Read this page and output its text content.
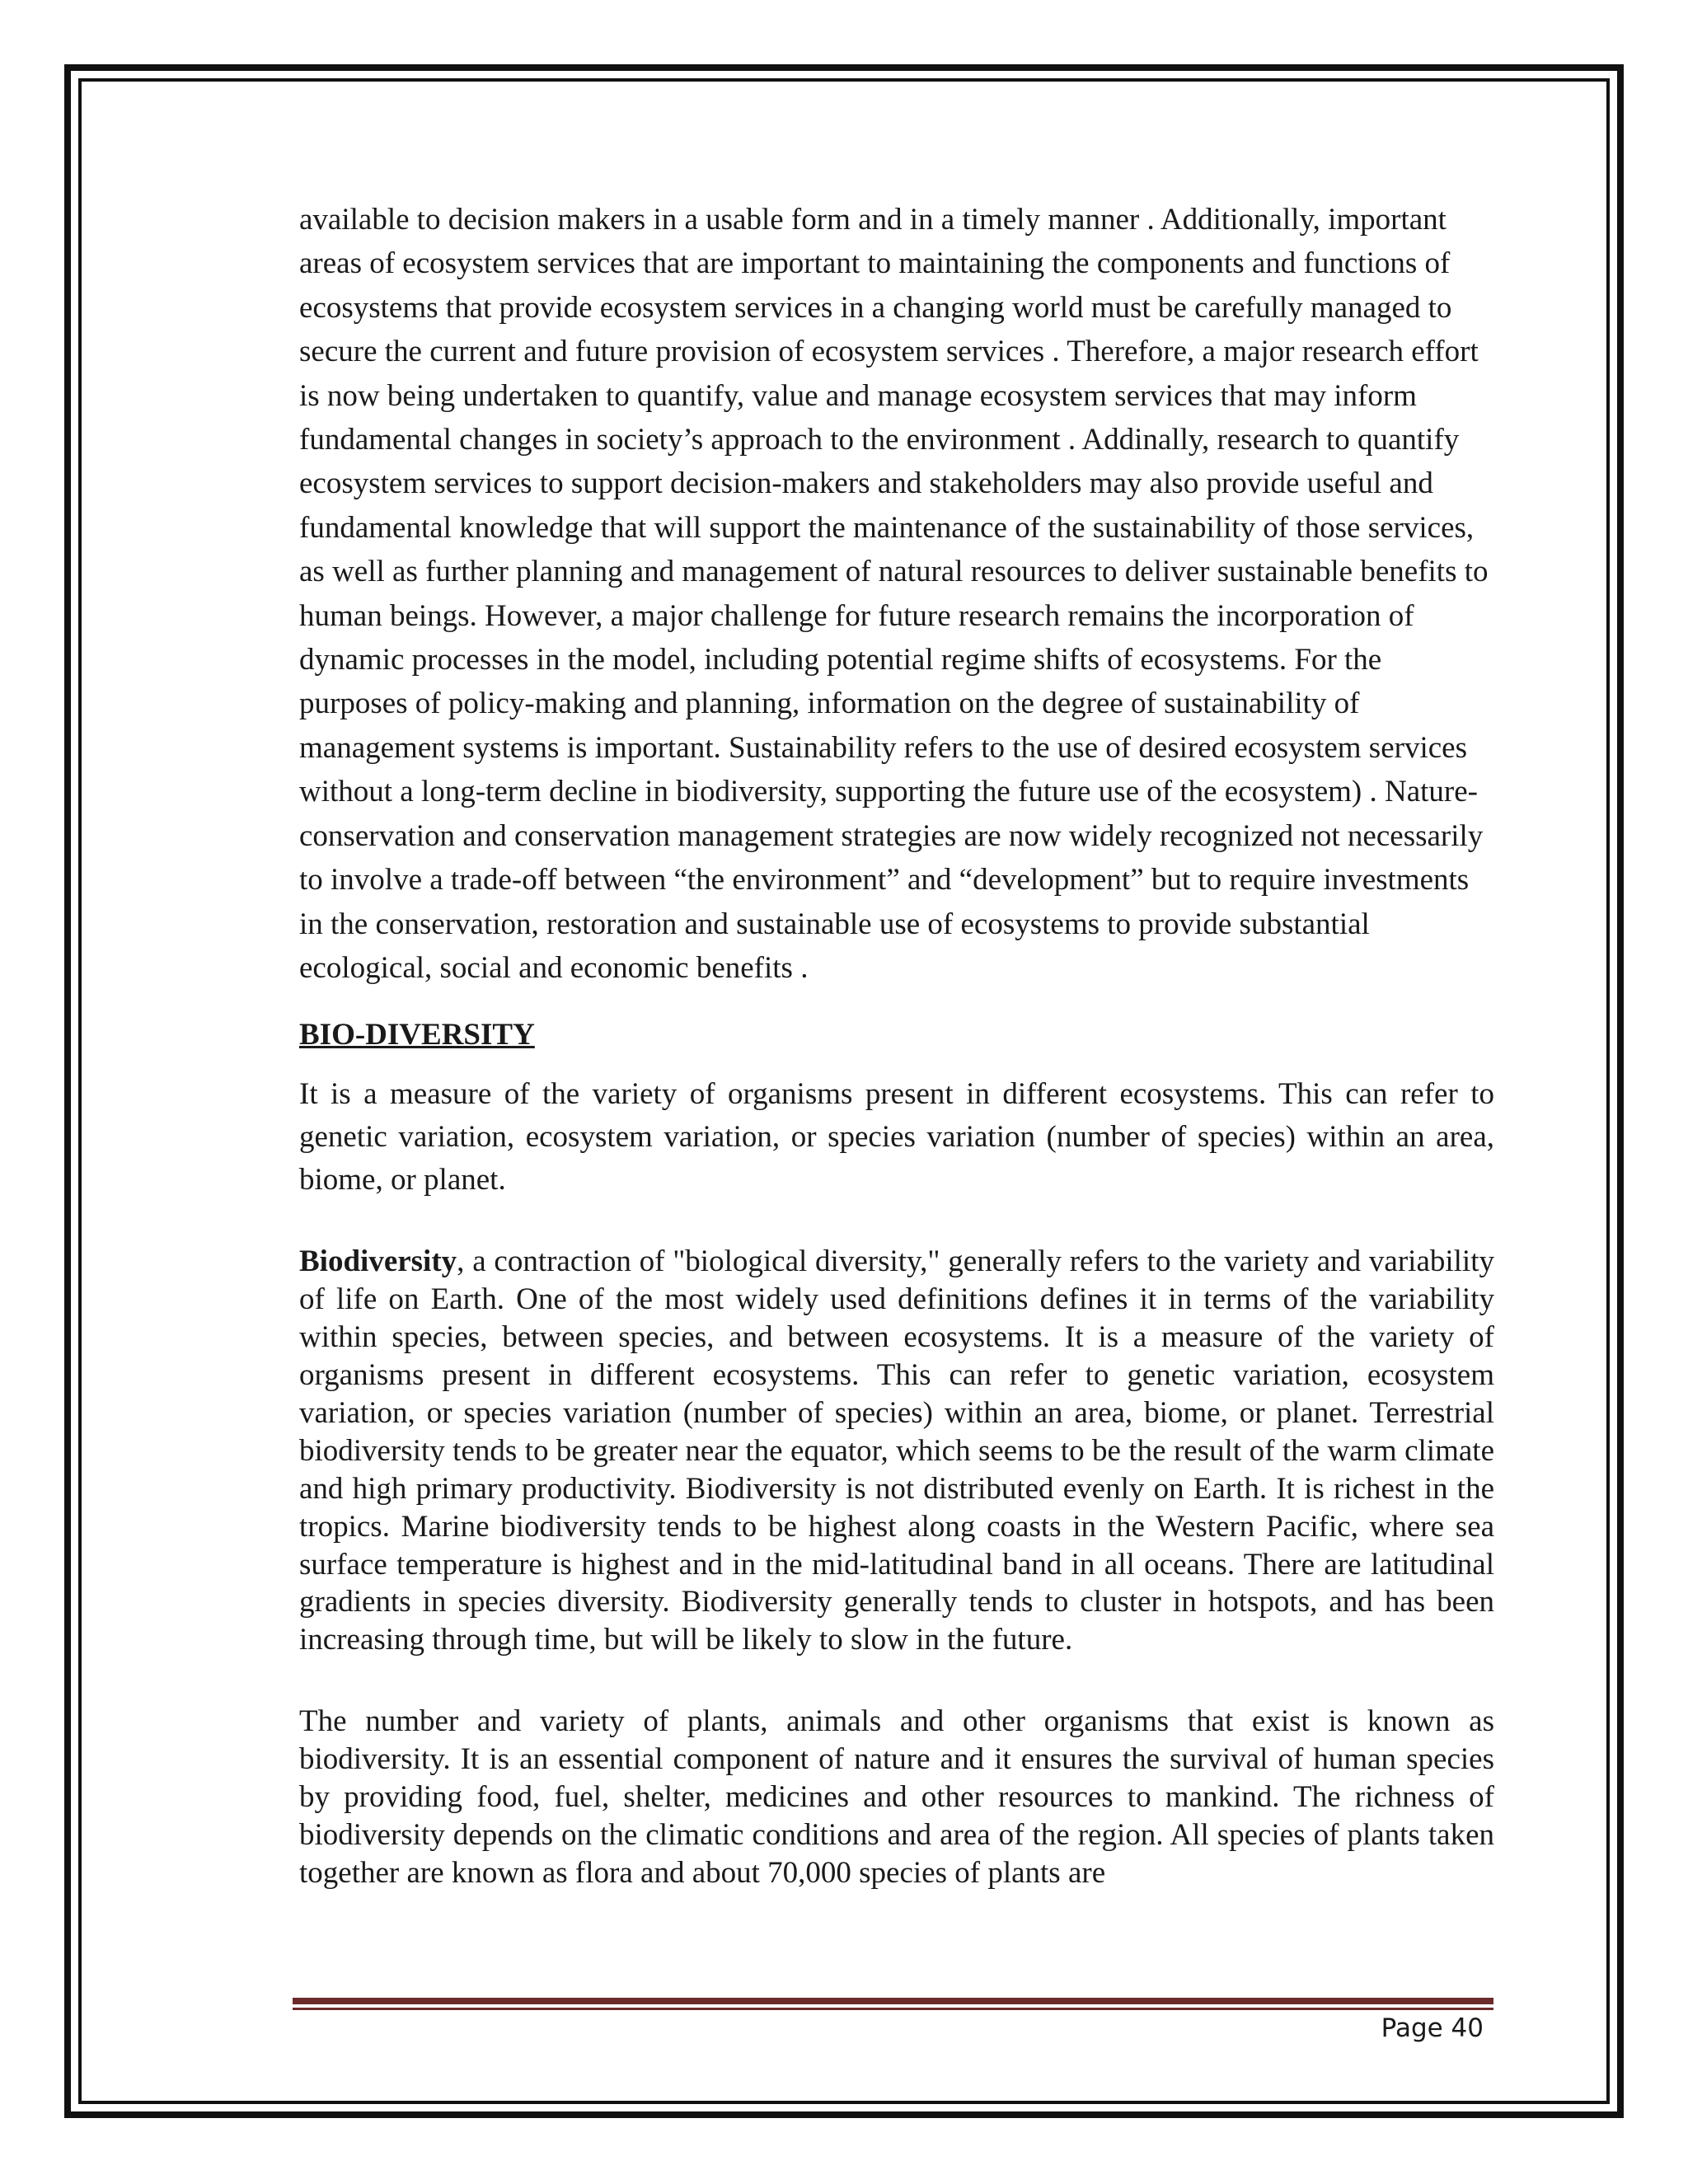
available to decision makers in a usable form and in a timely manner . Additionally, important areas of ecosystem services that are important to maintaining the components and functions of ecosystems that provide ecosystem services in a changing world must be carefully managed to secure the current and future provision of ecosystem services . Therefore, a major research effort is now being undertaken to quantify, value and manage ecosystem services that may inform fundamental changes in society’s approach to the environment . Addinally, research to quantify ecosystem services to support decision-makers and stakeholders may also provide useful and fundamental knowledge that will support the maintenance of the sustainability of those services, as well as further planning and management of natural resources to deliver sustainable benefits to human beings. However, a major challenge for future research remains the incorporation of dynamic processes in the model, including potential regime shifts of ecosystems. For the purposes of policy-making and planning, information on the degree of sustainability of management systems is important. Sustainability refers to the use of desired ecosystem services without a long-term decline in biodiversity, supporting the future use of the ecosystem) . Nature-conservation and conservation management strategies are now widely recognized not necessarily to involve a trade-off between “the environment” and “development” but to require investments in the conservation, restoration and sustainable use of ecosystems to provide substantial ecological, social and economic benefits .

BIO-DIVERSITY

It is a measure of the variety of organisms present in different ecosystems. This can refer to genetic variation, ecosystem variation, or species variation (number of species) within an area, biome, or planet.

Biodiversity, a contraction of "biological diversity," generally refers to the variety and variability of life on Earth. One of the most widely used definitions defines it in terms of the variability within species, between species, and between ecosystems. It is a measure of the variety of organisms present in different ecosystems. This can refer to genetic variation, ecosystem variation, or species variation (number of species) within an area, biome, or planet. Terrestrial biodiversity tends to be greater near the equator, which seems to be the result of the warm climate and high primary productivity. Biodiversity is not distributed evenly on Earth. It is richest in the tropics. Marine biodiversity tends to be highest along coasts in the Western Pacific, where sea surface temperature is highest and in the mid-latitudinal band in all oceans. There are latitudinal gradients in species diversity. Biodiversity generally tends to cluster in hotspots, and has been increasing through time, but will be likely to slow in the future.

The number and variety of plants, animals and other organisms that exist is known as biodiversity. It is an essential component of nature and it ensures the survival of human species by providing food, fuel, shelter, medicines and other resources to mankind. The richness of biodiversity depends on the climatic conditions and area of the region. All species of plants taken together are known as flora and about 70,000 species of plants are

Page 40
